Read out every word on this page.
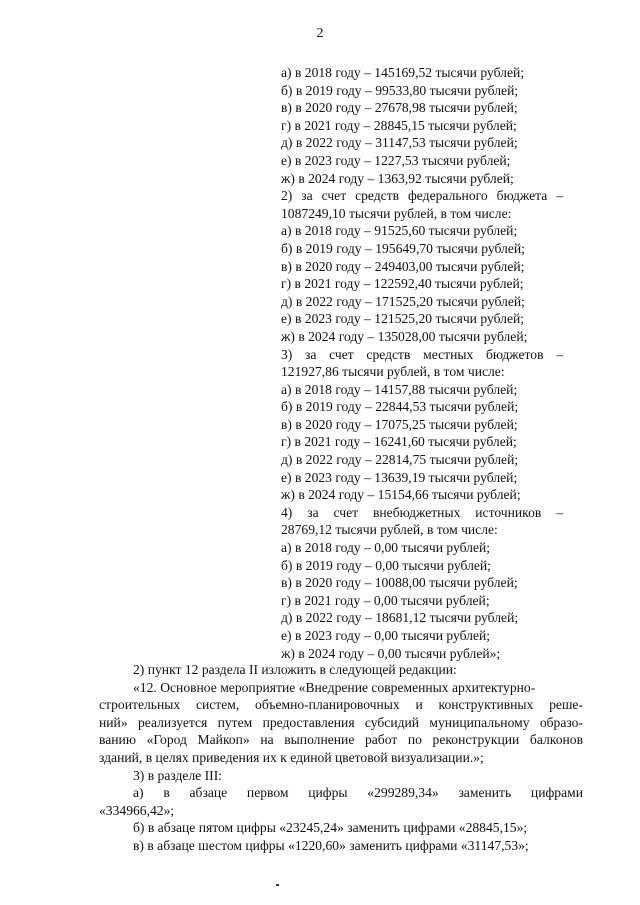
2
а) в 2018 году – 145169,52 тысячи рублей;
б) в 2019 году – 99533,80 тысячи рублей;
в) в 2020 году – 27678,98 тысячи рублей;
г) в 2021 году – 28845,15 тысячи рублей;
д) в 2022 году – 31147,53 тысячи рублей;
е) в 2023 году – 1227,53 тысячи рублей;
ж) в 2024 году – 1363,92 тысячи рублей;
2) за счет средств федерального бюджета –
1087249,10 тысячи рублей, в том числе:
а) в 2018 году – 91525,60 тысячи рублей;
б) в 2019 году – 195649,70 тысячи рублей;
в) в 2020 году – 249403,00 тысячи рублей;
г) в 2021 году – 122592,40 тысячи рублей;
д) в 2022 году – 171525,20 тысячи рублей;
е) в 2023 году – 121525,20 тысячи рублей;
ж) в 2024 году – 135028,00 тысячи рублей;
3) за счет средств местных бюджетов –
121927,86 тысячи рублей, в том числе:
а) в 2018 году – 14157,88 тысячи рублей;
б) в 2019 году – 22844,53 тысячи рублей;
в) в 2020 году – 17075,25 тысячи рублей;
г) в 2021 году – 16241,60 тысячи рублей;
д) в 2022 году – 22814,75 тысячи рублей;
е) в 2023 году – 13639,19 тысячи рублей;
ж) в 2024 году – 15154,66 тысячи рублей;
4) за счет внебюджетных источников –
28769,12 тысячи рублей, в том числе:
а) в 2018 году – 0,00 тысячи рублей;
б) в 2019 году – 0,00 тысячи рублей;
в) в 2020 году – 10088,00 тысячи рублей;
г) в 2021 году – 0,00 тысячи рублей;
д) в 2022 году – 18681,12 тысячи рублей;
е) в 2023 году – 0,00 тысячи рублей;
ж) в 2024 году – 0,00 тысячи рублей»;
2) пункт 12 раздела II изложить в следующей редакции:
«12. Основное мероприятие «Внедрение современных архитектурно-
строительных систем, объемно-планировочных и конструктивных реше-
ний» реализуется путем предоставления субсидий муниципальному образо-
ванию «Город Майкоп» на выполнение работ по реконструкции балконов
зданий, в целях приведения их к единой цветовой визуализации.»;
3) в разделе III:
а) в абзаце первом цифры «299289,34» заменить цифрами
«334966,42»;
б) в абзаце пятом цифры «23245,24» заменить цифрами «28845,15»;
в) в абзаце шестом цифры «1220,60» заменить цифрами «31147,53»;
